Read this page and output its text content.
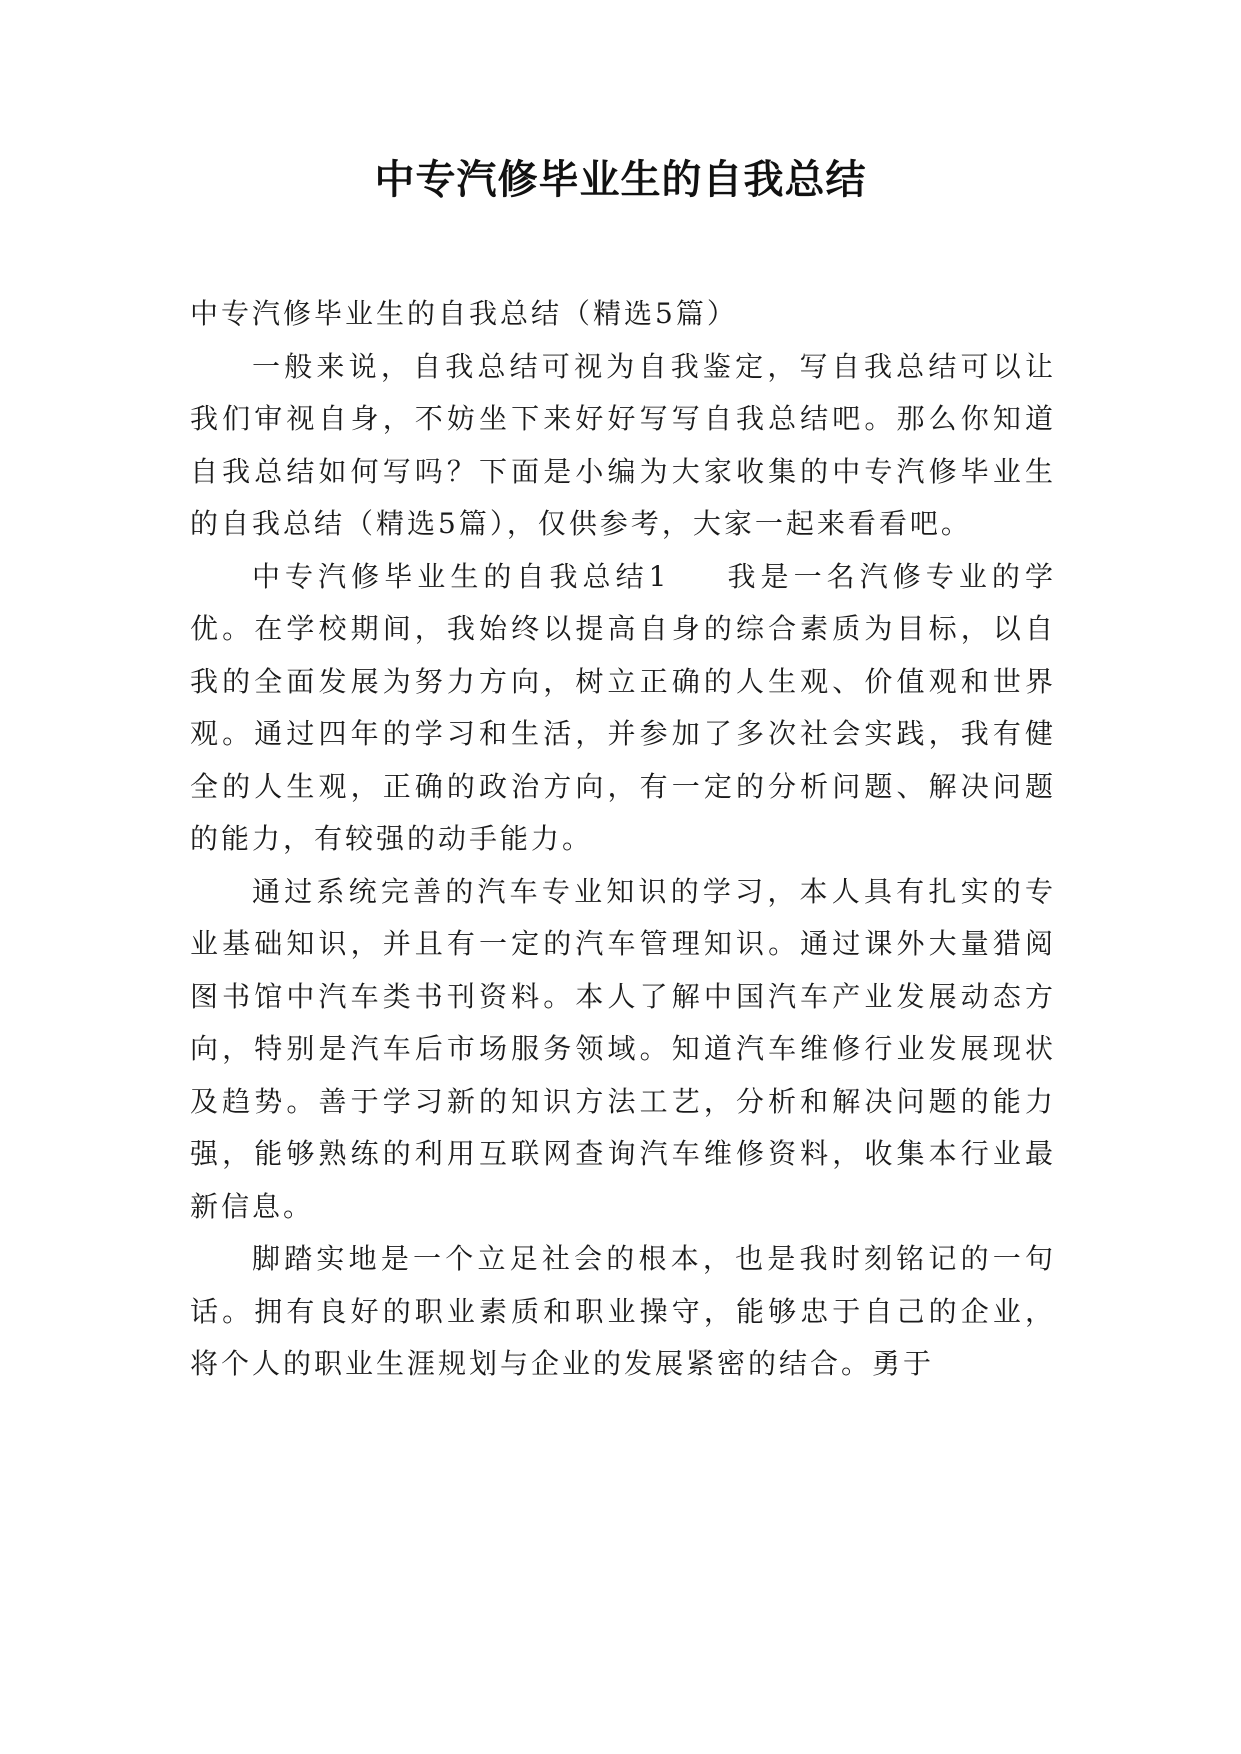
中专汽修毕业生的自我总结

中专汽修毕业生的自我总结（精选5篇）

一般来说，自我总结可视为自我鉴定，写自我总结可以让我们审视自身，不妨坐下来好好写写自我总结吧。那么你知道自我总结如何写吗？下面是小编为大家收集的中专汽修毕业生的自我总结（精选5篇），仅供参考，大家一起来看看吧。

中专汽修毕业生的自我总结1 我是一名汽修专业的学优。在学校期间，我始终以提高自身的综合素质为目标，以自我的全面发展为努力方向，树立正确的人生观、价值观和世界观。通过四年的学习和生活，并参加了多次社会实践，我有健全的人生观，正确的政治方向，有一定的分析问题、解决问题的能力，有较强的动手能力。

通过系统完善的汽车专业知识的学习，本人具有扎实的专业基础知识，并且有一定的汽车管理知识。通过课外大量猎阅图书馆中汽车类书刊资料。本人了解中国汽车产业发展动态方向，特别是汽车后市场服务领域。知道汽车维修行业发展现状及趋势。善于学习新的知识方法工艺，分析和解决问题的能力强，能够熟练的利用互联网查询汽车维修资料，收集本行业最新信息。

脚踏实地是一个立足社会的根本，也是我时刻铭记的一句话。拥有良好的职业素质和职业操守，能够忠于自己的企业，将个人的职业生涯规划与企业的发展紧密的结合。勇于
